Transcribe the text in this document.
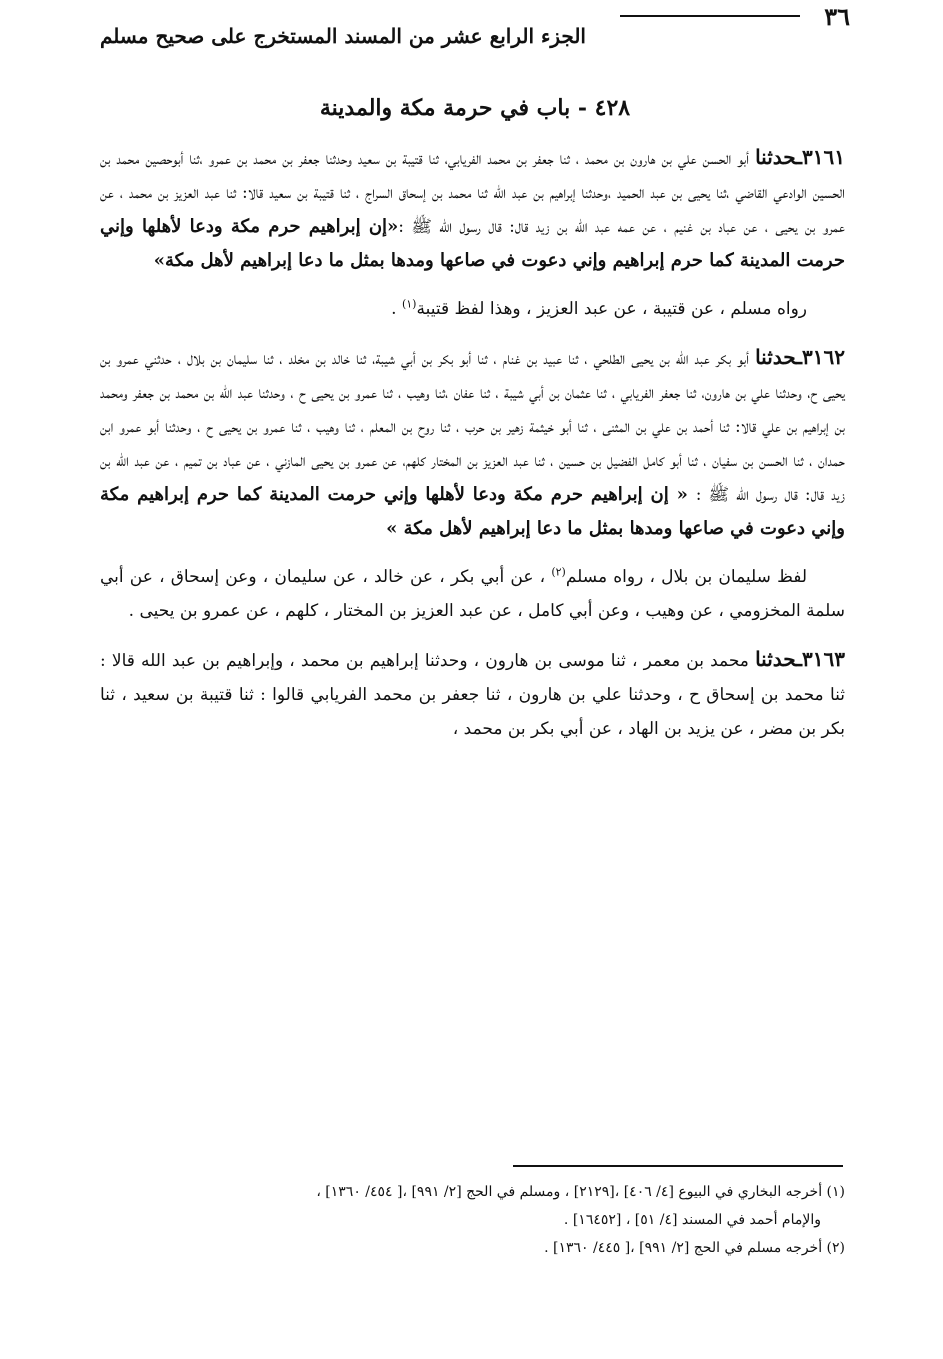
٣٦
الجزء الرابع عشر من المسند المستخرج على صحيح مسلم
٤٢٨ - باب في حرمة مكة والمدينة

٣١٦١ـحدثنا أبو الحسن علي بن هارون بن محمد ، ثنا جعفر بن محمد الفريابي، ثنا قتيبة بن سعيد وحدثنا جعفر بن محمد بن عمرو ،ثنا أبوحصين محمد بن الحسين الوادعي القاضي ،ثنا يحيى بن عبد الحميد ،وحدثنا إبراهيم بن عبد الله ثنا محمد بن إسحاق السراج ، ثنا قتيبة بن سعيد قالا: ثنا عبد العزيز بن محمد ، عن عمرو بن يحيى ، عن عباد بن غنيم ، عن عمه عبد الله بن زيد قال: قال رسول الله ﷺ :«إن إبراهيم حرم مكة ودعا لأهلها وإني حرمت المدينة كما حرم إبراهيم وإني دعوت في صاعها ومدها بمثل ما دعا إبراهيم لأهل مكة»

رواه مسلم ، عن قتيبة ، عن عبد العزيز ، وهذا لفظ قتيبة$^{(١)}$ .

٣١٦٢ـحدثنا أبو بكر عبد الله بن يحيى الطلحي ، ثنا عبيد بن غنام ، ثنا أبو بكر بن أبي شيبة، ثنا خالد بن مخلد ، ثنا سليمان بن بلال ، حدثني عمرو بن يحيى ح، وحدثنا علي بن هارون، ثنا جعفر الفريابي ، ثنا عثمان بن أبي شيبة ، ثنا عفان ،ثنا وهيب ، ثنا عمرو بن يحيى ح ، وحدثنا عبد الله بن محمد بن جعفر ومحمد بن إبراهيم بن علي قالا: ثنا أحمد بن علي بن المثنى ، ثنا أبو خيثمة زهير بن حرب ، ثنا روح بن المعلم ، ثنا وهيب ، ثنا عمرو بن يحيى ح ، وحدثنا أبو عمرو ابن حمدان ، ثنا الحسن بن سفيان ، ثنا أبو كامل الفضيل بن حسين ، ثنا عبد العزيز بن المختار كلهم، عن عمرو بن يحيى المازني ، عن عباد بن تميم ، عن عبد الله بن زيد قال: قال رسول الله ﷺ : « إن إبراهيم حرم مكة ودعا لأهلها وإني حرمت المدينة كما حرم إبراهيم مكة وإني دعوت في صاعها ومدها بمثل ما دعا إبراهيم لأهل مكة »

لفظ سليمان بن بلال ، رواه مسلم$^{(٢)}$ ، عن أبي بكر ، عن خالد ، عن سليمان ، وعن إسحاق ، عن أبي سلمة المخزومي ، عن وهيب ، وعن أبي كامل ، عن عبد العزيز بن المختار ، كلهم ، عن عمرو بن يحيى .

٣١٦٣ـحدثنا محمد بن معمر ، ثنا موسى بن هارون ، وحدثنا إبراهيم بن محمد ، وإبراهيم بن عبد الله قالا : ثنا محمد بن إسحاق ح ، وحدثنا علي بن هارون ، ثنا جعفر بن محمد الفريابي قالوا : ثنا قتيبة بن سعيد ، ثنا بكر بن مضر ، عن يزيد بن الهاد ، عن أبي بكر بن محمد ،

(١) أخرجه البخاري في البيوع [٤/ ٤٠٦] ،[٢١٢٩] ، ومسلم في الحج [٢/ ٩٩١] ،[ ٤٥٤/ ١٣٦٠] ،

والإمام أحمد في المسند [٤/ ٥١] ، [١٦٤٥٢] .

(٢) أخرجه مسلم في الحج [٢/ ٩٩١] ،[ ٤٤٥/ ١٣٦٠] .
